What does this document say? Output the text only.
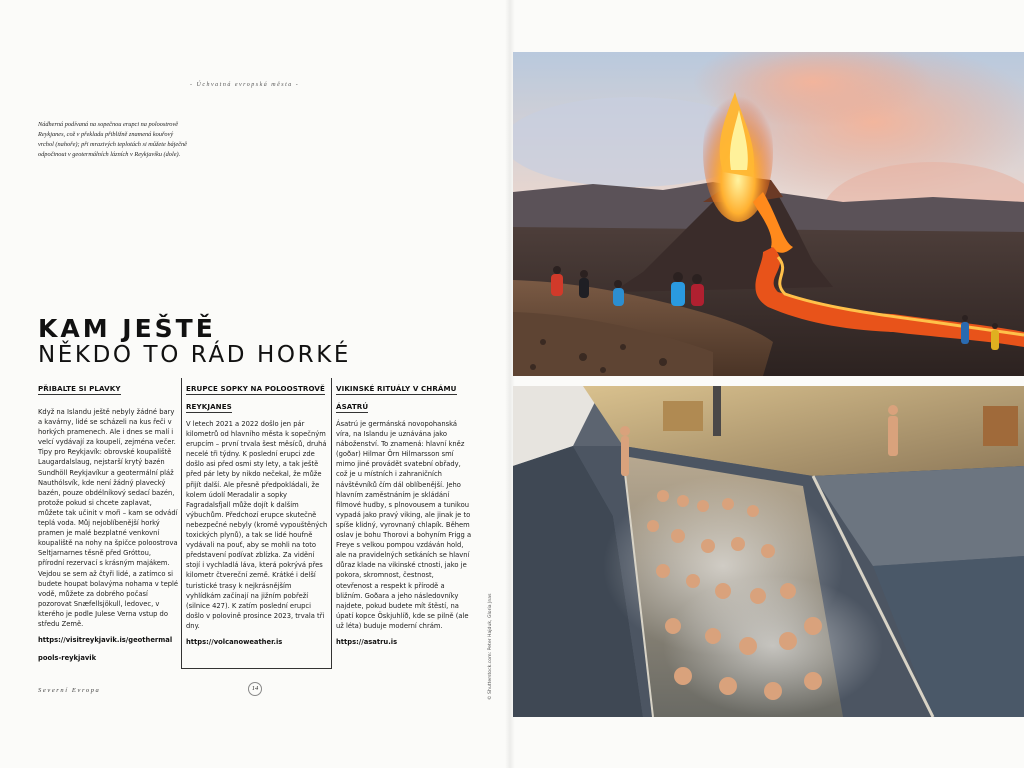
- Úchvatná evropská města -

Nádherná podívaná na sopečnou erupci na poloostrově Reykjanes, což v překladu přibližně znamená kouřový vrchol (nahoře); při mrazivých teplotách si můžete báječně odpočinout v geotermálních lázních v Reykjavíku (dole).

KAM JEŠTĚ
NĚKDO TO RÁD HORKÉ
PŘIBALTE SI PLAVKY

Když na Islandu ještě nebyly žádné bary a kavárny, lidé se scházeli na kus řeči v horkých pramenech. Ale i dnes se malí i velcí vydávají za koupelí, zejména večer. Tipy pro Reykjavík: obrovské koupaliště Laugardalslaug, nejstarší krytý bazén Sundhöll Reykjavíkur a geotermální pláž Nauthólsvík, kde není žádný plavecký bazén, pouze obdélníkový sedací bazén, protože pokud si chcete zaplavat, můžete tak učinit v moři – kam se odvádí teplá voda. Můj nejoblíbenější horký pramen je malé bezplatné venkovní koupaliště na nohy na špičce poloostrova Seltjarnarnes těsně před Gróttou, přírodní rezervací s krásným majákem. Vejdou se sem až čtyři lidé, a zatímco si budete houpat bolavýma nohama v teplé vodě, můžete za dobrého počasí pozorovat Snæfellsjökull, ledovec, v kterého je podle Julese Verna vstup do středu Země.

https://visitreykjavik.is/geothermal pools-reykjavik
ERUPCE SOPKY NA POLOOSTROVĚ REYKJANES

V letech 2021 a 2022 došlo jen pár kilometrů od hlavního města k sopečným erupcím – první trvala šest měsíců, druhá necelé tři týdny. K poslední erupci zde došlo asi před osmi sty lety, a tak ještě před pár lety by nikdo nečekal, že může přijít další. Ale přesně předpokládali, že kolem údolí Meradalir a sopky Fagradalsfjall může dojít k dalším výbuchům. Předchozí erupce skutečně nebezpečné nebyly (kromě vypouštěných toxických plynů), a tak se lidé houfně vydávali na pouť, aby se mohli na toto představení podívat zblízka. Za vidění stojí i vychladlá láva, která pokrývá přes kilometr čtvereční země. Krátké i delší turistické trasy k nejkrásnějším vyhlídkám začínají na jižním pobřeží (silnice 427). K zatím poslední erupci došlo v polovině prosince 2023, trvala tři dny.

https://volcanoweather.is
VIKINSKÉ RITUÁLY V CHRÁMU ÁSATRÚ

Ásatrú je germánská novopohanská víra, na Islandu je uznávána jako náboženství. To znamená: hlavní kněz (goðar) Hilmar Örn Hilmarsson smí mimo jiné provádět svatební obřady, což je u místních i zahraničních návštěvníků čím dál oblíbenější. Jeho hlavním zaměstnáním je skládání filmové hudby, s plnovousem a tunikou vypadá jako pravý viking, ale jinak je to spíše klidný, vyrovnaný chlapík. Během oslav je bohu Thorovi a bohyním Frigg a Freye s velkou pompou vzdáván hold, ale na pravidelných setkáních se hlavní důraz klade na vikinské ctnosti, jako je pokora, skromnost, čestnost, otevřenost a respekt k přírodě a bližním. Goðara a jeho následovníky najdete, pokud budete mít štěstí, na úpatí kopce Öskjuhlíð, kde se pilně (ale už léta) buduje moderní chrám.

https://asatru.is
Severní Evropa	14	© Shutterstock.com: Peter Hajduk, Gloria Jnas
